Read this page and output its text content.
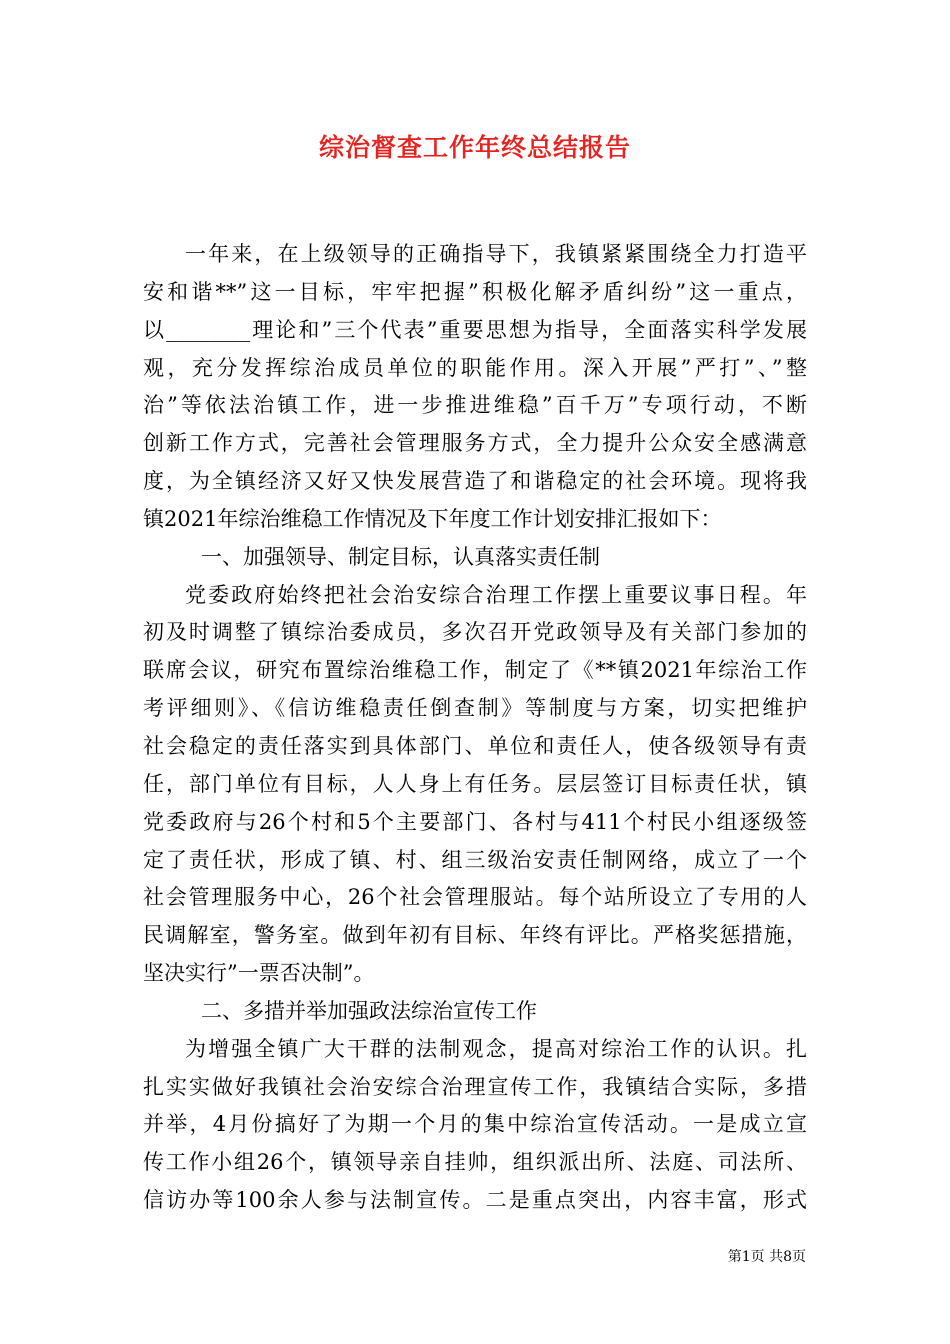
综治督查工作年终总结报告
一年来，在上级领导的正确指导下，我镇紧紧围绕全力打造平
安和谐**”这一目标，牢牢把握”积极化解矛盾纠纷”这一重点，
以________理论和”三个代表”重要思想为指导，全面落实科学发展
观，充分发挥综治成员单位的职能作用。深入开展”严打”、”整
治”等依法治镇工作，进一步推进维稳”百千万”专项行动，不断
创新工作方式，完善社会管理服务方式，全力提升公众安全感满意
度，为全镇经济又好又快发展营造了和谐稳定的社会环境。现将我
镇2021年综治维稳工作情况及下年度工作计划安排汇报如下：
一、加强领导、制定目标，认真落实责任制
党委政府始终把社会治安综合治理工作摆上重要议事日程。年
初及时调整了镇综治委成员，多次召开党政领导及有关部门参加的
联席会议，研究布置综治维稳工作，制定了《**镇2021年综治工作
考评细则》、《信访维稳责任倒查制》等制度与方案，切实把维护
社会稳定的责任落实到具体部门、单位和责任人，使各级领导有责
任，部门单位有目标，人人身上有任务。层层签订目标责任状，镇
党委政府与26个村和5个主要部门、各村与411个村民小组逐级签
定了责任状，形成了镇、村、组三级治安责任制网络，成立了一个
社会管理服务中心，26个社会管理服站。每个站所设立了专用的人
民调解室，警务室。做到年初有目标、年终有评比。严格奖惩措施，
坚决实行”一票否决制”。
二、多措并举加强政法综治宣传工作
为增强全镇广大干群的法制观念，提高对综治工作的认识。扎
扎实实做好我镇社会治安综合治理宣传工作，我镇结合实际，多措
并举，4月份搞好了为期一个月的集中综治宣传活动。一是成立宣
传工作小组26个，镇领导亲自挂帅，组织派出所、法庭、司法所、
信访办等100余人参与法制宣传。二是重点突出，内容丰富，形式
第1页 共8页
